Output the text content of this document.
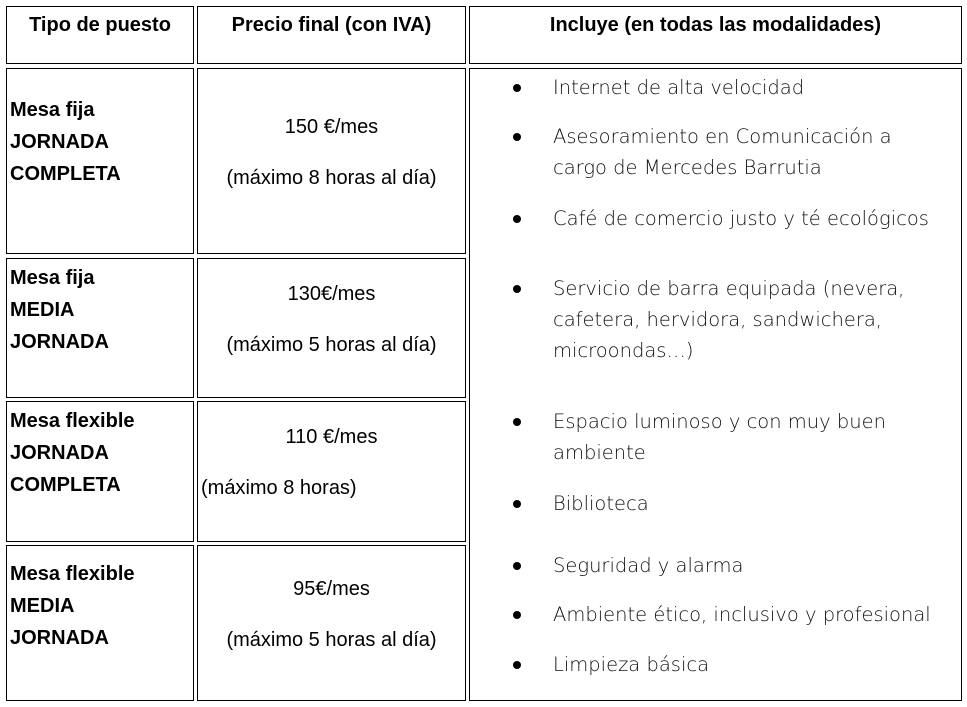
Tipo de puesto	Precio final (con IVA)	Incluye (en todas las modalidades)
Mesa fija
JORNADA
COMPLETA
150 €/mes
(máximo 8 horas al día)
Mesa fija
MEDIA
JORNADA
130€/mes
(máximo 5 horas al día)
Mesa flexible
JORNADA
COMPLETA
110 €/mes
(máximo 8 horas)
Mesa flexible
MEDIA
JORNADA
95€/mes
(máximo 5 horas al día)
Internet de alta velocidad
Asesoramiento en Comunicación a
cargo de Mercedes Barrutia
Café de comercio justo y té ecológicos
Servicio de barra equipada (nevera,
cafetera, hervidora, sandwichera,
microondas…)
Espacio luminoso y con muy buen
ambiente
Biblioteca
Seguridad y alarma
Ambiente ético, inclusivo y profesional
Limpieza básica
